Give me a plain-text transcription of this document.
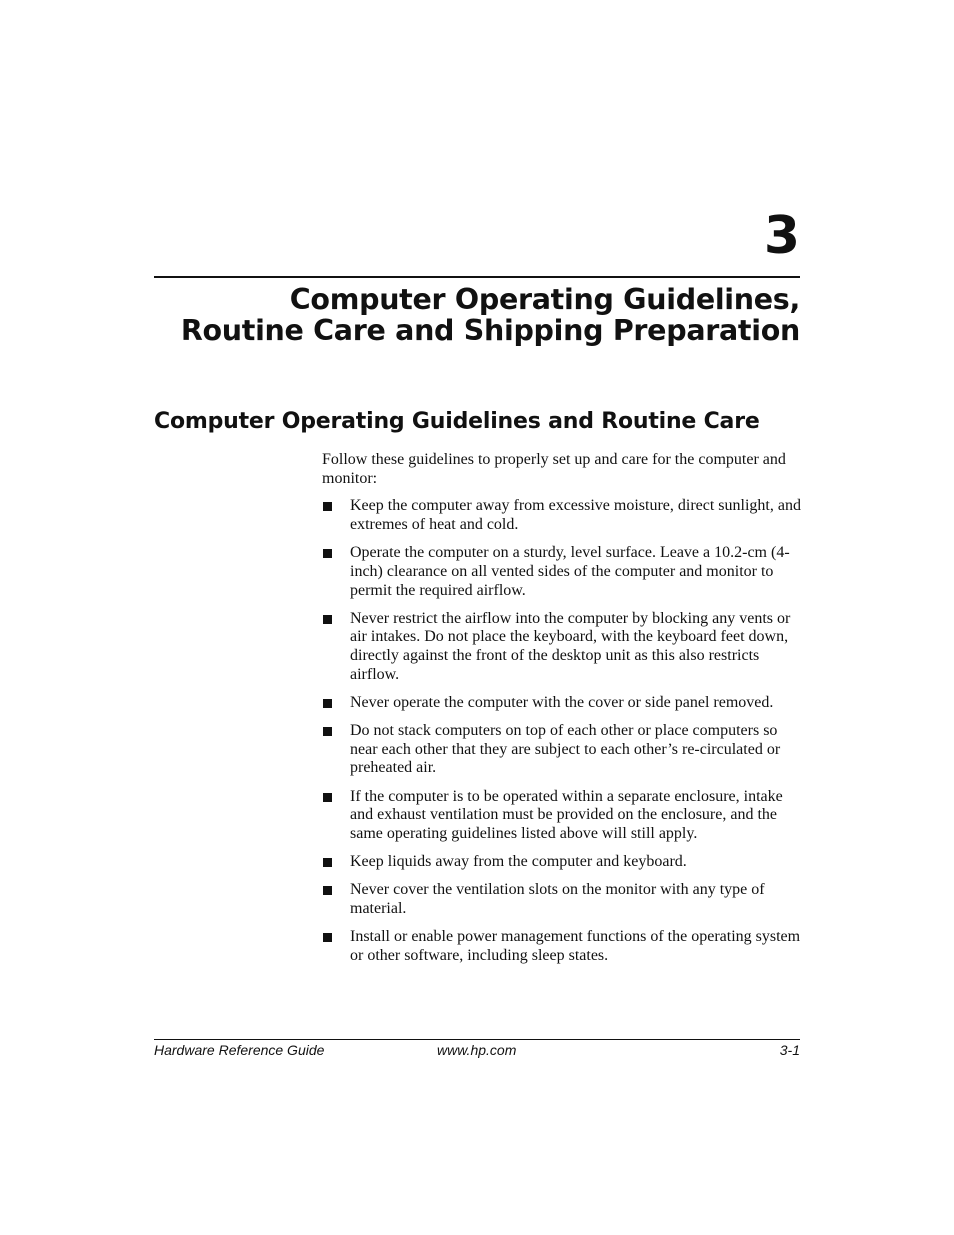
3
Computer Operating Guidelines,
Routine Care and Shipping Preparation
Computer Operating Guidelines and Routine Care

Follow these guidelines to properly set up and care for the computer and monitor:

Keep the computer away from excessive moisture, direct sunlight, and extremes of heat and cold.
Operate the computer on a sturdy, level surface. Leave a 10.2-cm (4-inch) clearance on all vented sides of the computer and monitor to permit the required airflow.
Never restrict the airflow into the computer by blocking any vents or air intakes. Do not place the keyboard, with the keyboard feet down, directly against the front of the desktop unit as this also restricts airflow.
Never operate the computer with the cover or side panel removed.
Do not stack computers on top of each other or place computers so near each other that they are subject to each other’s re-circulated or preheated air.
If the computer is to be operated within a separate enclosure, intake and exhaust ventilation must be provided on the enclosure, and the same operating guidelines listed above will still apply.
Keep liquids away from the computer and keyboard.
Never cover the ventilation slots on the monitor with any type of material.
Install or enable power management functions of the operating system or other software, including sleep states.
Hardware Reference Guide	www.hp.com	3-1
